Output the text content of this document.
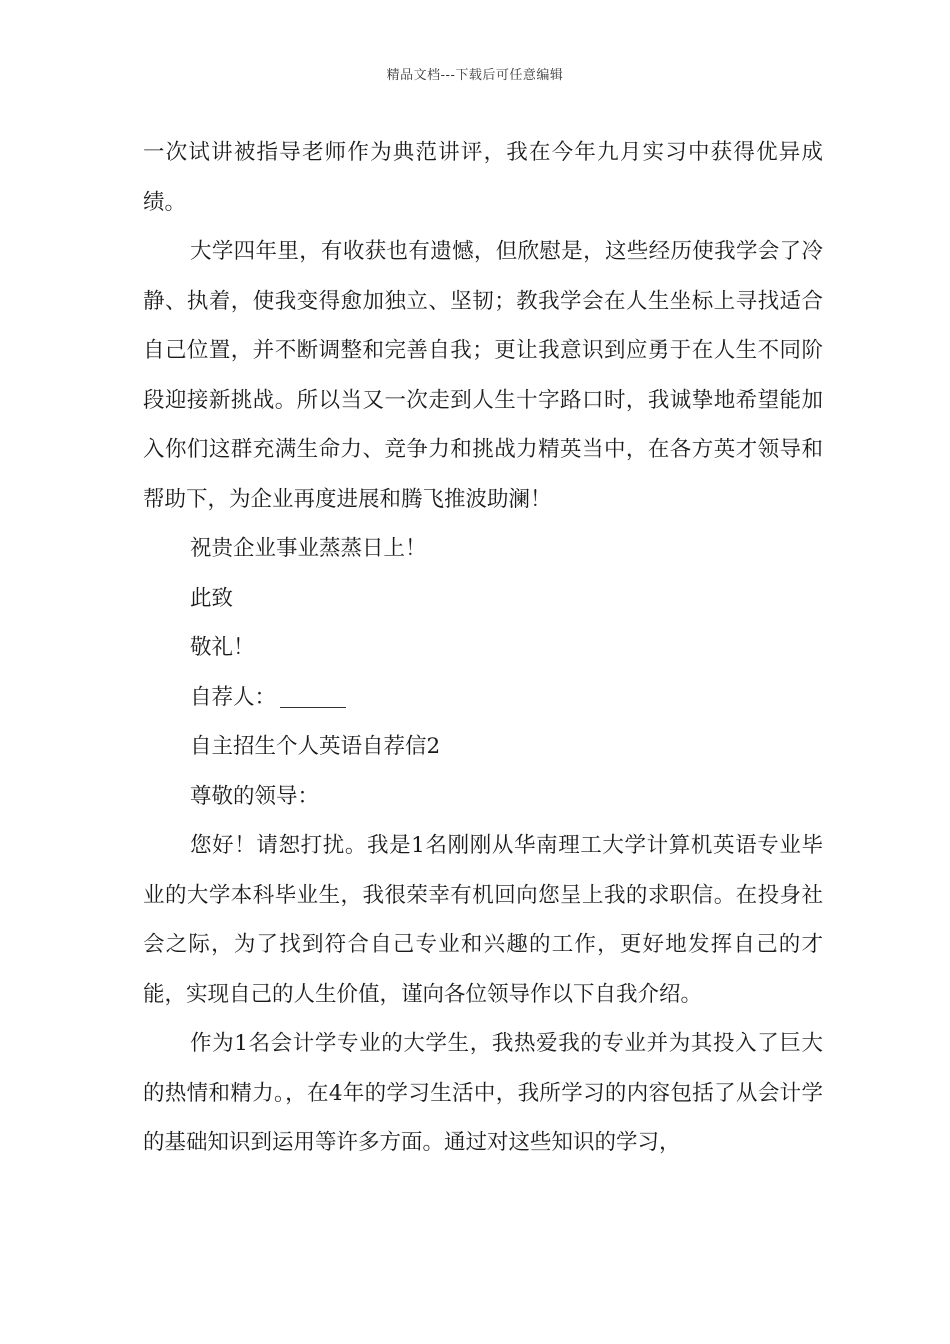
精品文档---下载后可任意编辑

一次试讲被指导老师作为典范讲评，我在今年九月实习中获得优异成绩。

大学四年里，有收获也有遗憾，但欣慰是，这些经历使我学会了冷静、执着，使我变得愈加独立、坚韧；教我学会在人生坐标上寻找适合自己位置，并不断调整和完善自我；更让我意识到应勇于在人生不同阶段迎接新挑战。所以当又一次走到人生十字路口时，我诚挚地希望能加入你们这群充满生命力、竞争力和挑战力精英当中，在各方英才领导和帮助下，为企业再度进展和腾飞推波助澜！

祝贵企业事业蒸蒸日上！

此致

敬礼！

自荐人：

自主招生个人英语自荐信2

尊敬的领导：

您好！请恕打扰。我是1名刚刚从华南理工大学计算机英语专业毕业的大学本科毕业生，我很荣幸有机回向您呈上我的求职信。在投身社会之际，为了找到符合自己专业和兴趣的工作，更好地发挥自己的才能，实现自己的人生价值，谨向各位领导作以下自我介绍。

作为1名会计学专业的大学生，我热爱我的专业并为其投入了巨大的热情和精力。，在4年的学习生活中，我所学习的内容包括了从会计学的基础知识到运用等许多方面。通过对这些知识的学习，
